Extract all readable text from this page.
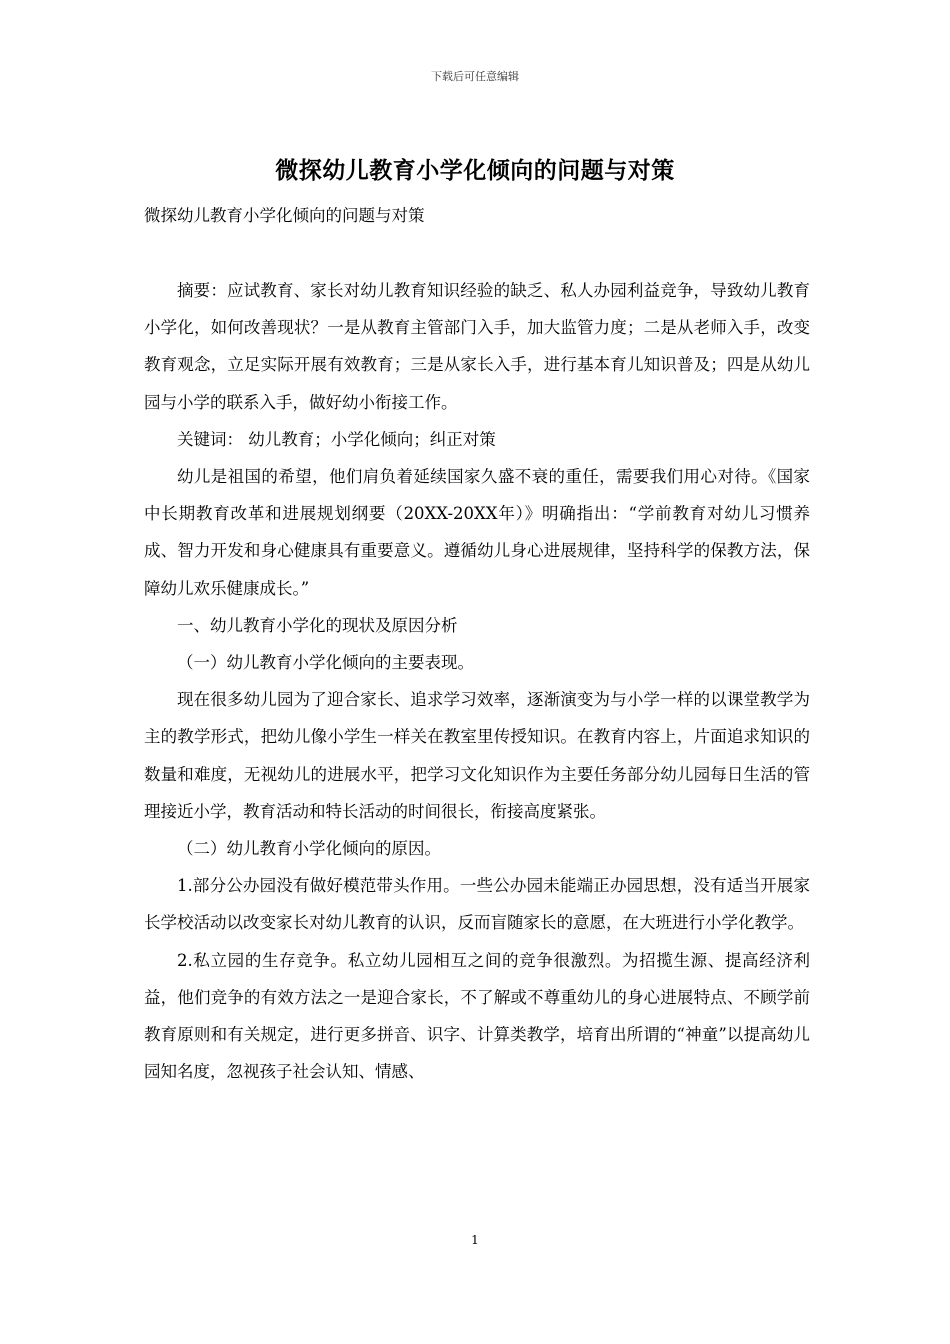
下载后可任意编辑
微探幼儿教育小学化倾向的问题与对策
微探幼儿教育小学化倾向的问题与对策

摘要：应试教育、家长对幼儿教育知识经验的缺乏、私人办园利益竞争，导致幼儿教育小学化，如何改善现状？一是从教育主管部门入手，加大监管力度；二是从老师入手，改变教育观念，立足实际开展有效教育；三是从家长入手，进行基本育儿知识普及；四是从幼儿园与小学的联系入手，做好幼小衔接工作。

关键词： 幼儿教育；小学化倾向；纠正对策

幼儿是祖国的希望，他们肩负着延续国家久盛不衰的重任，需要我们用心对待。《国家中长期教育改革和进展规划纲要（20XX-20XX年）》明确指出：“学前教育对幼儿习惯养成、智力开发和身心健康具有重要意义。遵循幼儿身心进展规律，坚持科学的保教方法，保障幼儿欢乐健康成长。”

一、幼儿教育小学化的现状及原因分析

（一）幼儿教育小学化倾向的主要表现。

现在很多幼儿园为了迎合家长、追求学习效率，逐渐演变为与小学一样的以课堂教学为主的教学形式，把幼儿像小学生一样关在教室里传授知识。在教育内容上，片面追求知识的数量和难度，无视幼儿的进展水平，把学习文化知识作为主要任务部分幼儿园每日生活的管理接近小学，教育活动和特长活动的时间很长，衔接高度紧张。

（二）幼儿教育小学化倾向的原因。

1.部分公办园没有做好模范带头作用。一些公办园未能端正办园思想，没有适当开展家长学校活动以改变家长对幼儿教育的认识，反而盲随家长的意愿，在大班进行小学化教学。

2.私立园的生存竞争。私立幼儿园相互之间的竞争很激烈。为招揽生源、提高经济利益，他们竞争的有效方法之一是迎合家长，不了解或不尊重幼儿的身心进展特点、不顾学前教育原则和有关规定，进行更多拼音、识字、计算类教学，培育出所谓的“神童”以提高幼儿园知名度，忽视孩子社会认知、情感、

1
